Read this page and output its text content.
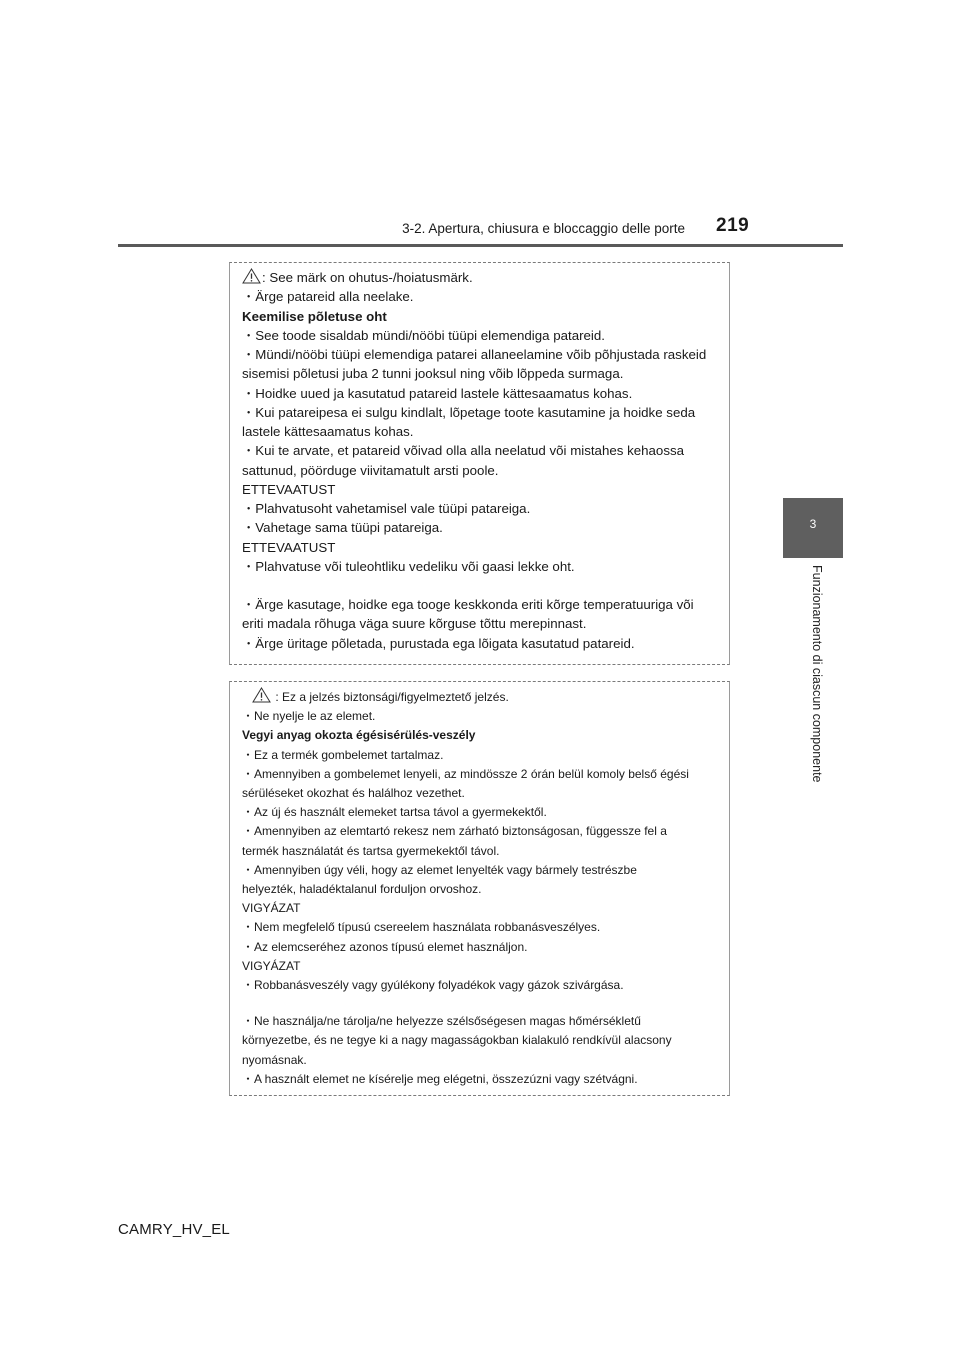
3-2. Apertura, chiusura e bloccaggio delle porte 219
3
Funzionamento di ciascun componente
: See märk on ohutus-/hoiatusmärk.
・Ärge patareid alla neelake.
Keemilise põletuse oht
・See toode sisaldab mündi/nööbi tüüpi elemendiga patareid.
・Mündi/nööbi tüüpi elemendiga patarei allaneelamine võib põhjustada raskeid
sisemisi põletusi juba 2 tunni jooksul ning võib lõppeda surmaga.
・Hoidke uued ja kasutatud patareid lastele kättesaamatus kohas.
・Kui patareipesa ei sulgu kindlalt, lõpetage toote kasutamine ja hoidke seda
lastele kättesaamatus kohas.
・Kui te arvate, et patareid võivad olla alla neelatud või mistahes kehaossa
sattunud, pöörduge viivitamatult arsti poole.
ETTEVAATUST
・Plahvatusoht vahetamisel vale tüüpi patareiga.
・Vahetage sama tüüpi patareiga.
ETTEVAATUST
・Plahvatuse või tuleohtliku vedeliku või gaasi lekke oht.
・Ärge kasutage, hoidke ega tooge keskkonda eriti kõrge temperatuuriga või
eriti madala rõhuga väga suure kõrguse tõttu merepinnast.
・Ärge üritage põletada, purustada ega lõigata kasutatud patareid.
: Ez a jelzés biztonsági/figyelmeztető jelzés.
・Ne nyelje le az elemet.
Vegyi anyag okozta égésisérülés-veszély
・Ez a termék gombelemet tartalmaz.
・Amennyiben a gombelemet lenyeli, az mindössze 2 órán belül komoly belső égési
sérüléseket okozhat és halálhoz vezethet.
・Az új és használt elemeket tartsa távol a gyermekektől.
・Amennyiben az elemtartó rekesz nem zárható biztonságosan, függessze fel a
termék használatát és tartsa gyermekektől távol.
・Amennyiben úgy véli, hogy az elemet lenyelték vagy bármely testrészbe
helyezték, haladéktalanul forduljon orvoshoz.
VIGYÁZAT
・Nem megfelelő típusú csereelem használata robbanásveszélyes.
・Az elemcseréhez azonos típusú elemet használjon.
VIGYÁZAT
・Robbanásveszély vagy gyúlékony folyadékok vagy gázok szivárgása.
・Ne használja/ne tárolja/ne helyezze szélsőségesen magas hőmérsékletű
környezetbe, és ne tegye ki a nagy magasságokban kialakuló rendkívül alacsony
nyomásnak.
・A használt elemet ne kísérelje meg elégetni, összezúzni vagy szétvágni.
CAMRY_HV_EL
